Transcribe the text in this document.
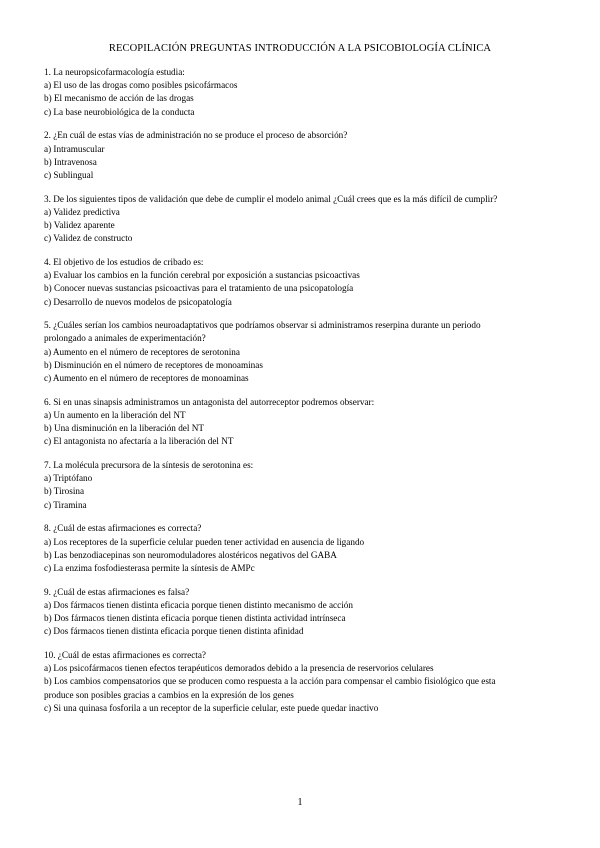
RECOPILACIÓN PREGUNTAS INTRODUCCIÓN A LA PSICOBIOLOGÍA CLÍNICA
1. La neuropsicofarmacología estudia:
a) El uso de las drogas como posibles psicofármacos
b) El mecanismo de acción de las drogas
c) La base neurobiológica de la conducta
2. ¿En cuál de estas vías de administración no se produce el proceso de absorción?
a) Intramuscular
b) Intravenosa
c) Sublingual
3. De los siguientes tipos de validación que debe de cumplir el modelo animal ¿Cuál crees que es la más difícil de cumplir?
a) Validez predictiva
b) Validez aparente
c) Validez de constructo
4. El objetivo de los estudios de cribado es:
a) Evaluar los cambios en la función cerebral por exposición a sustancias psicoactivas
b) Conocer nuevas sustancias psicoactivas para el tratamiento de una psicopatología
c) Desarrollo de nuevos modelos de psicopatología
5. ¿Cuáles serían los cambios neuroadaptativos que podríamos observar si administramos reserpina durante un periodo
prolongado a animales de experimentación?
a) Aumento en el número de receptores de serotonina
b) Disminución en el número de receptores de monoaminas
c) Aumento en el número de receptores de monoaminas
6. Si en unas sinapsis administramos un antagonista del autorreceptor podremos observar:
a) Un aumento en la liberación del NT
b) Una disminución en la liberación del NT
c) El antagonista no afectaría a la liberación del NT
7. La molécula precursora de la síntesis de serotonina es:
a) Triptófano
b) Tirosina
c) Tiramina
8. ¿Cuál de estas afirmaciones es correcta?
a) Los receptores de la superficie celular pueden tener actividad en ausencia de ligando
b) Las benzodiacepinas son neuromoduladores alostéricos negativos del GABA
c) La enzima fosfodiesterasa permite la síntesis de AMPc
9. ¿Cuál de estas afirmaciones es falsa?
a) Dos fármacos tienen distinta eficacia porque tienen distinto mecanismo de acción
b) Dos fármacos tienen distinta eficacia porque tienen distinta actividad intrínseca
c) Dos fármacos tienen distinta eficacia porque tienen distinta afinidad
10. ¿Cuál de estas afirmaciones es correcta?
a) Los psicofármacos tienen efectos terapéuticos demorados debido a la presencia de reservorios celulares
b) Los cambios compensatorios que se producen como respuesta a la acción para compensar el cambio fisiológico que esta
produce son posibles gracias a cambios en la expresión de los genes
c) Si una quinasa fosforila a un receptor de la superficie celular, este puede quedar inactivo
1
